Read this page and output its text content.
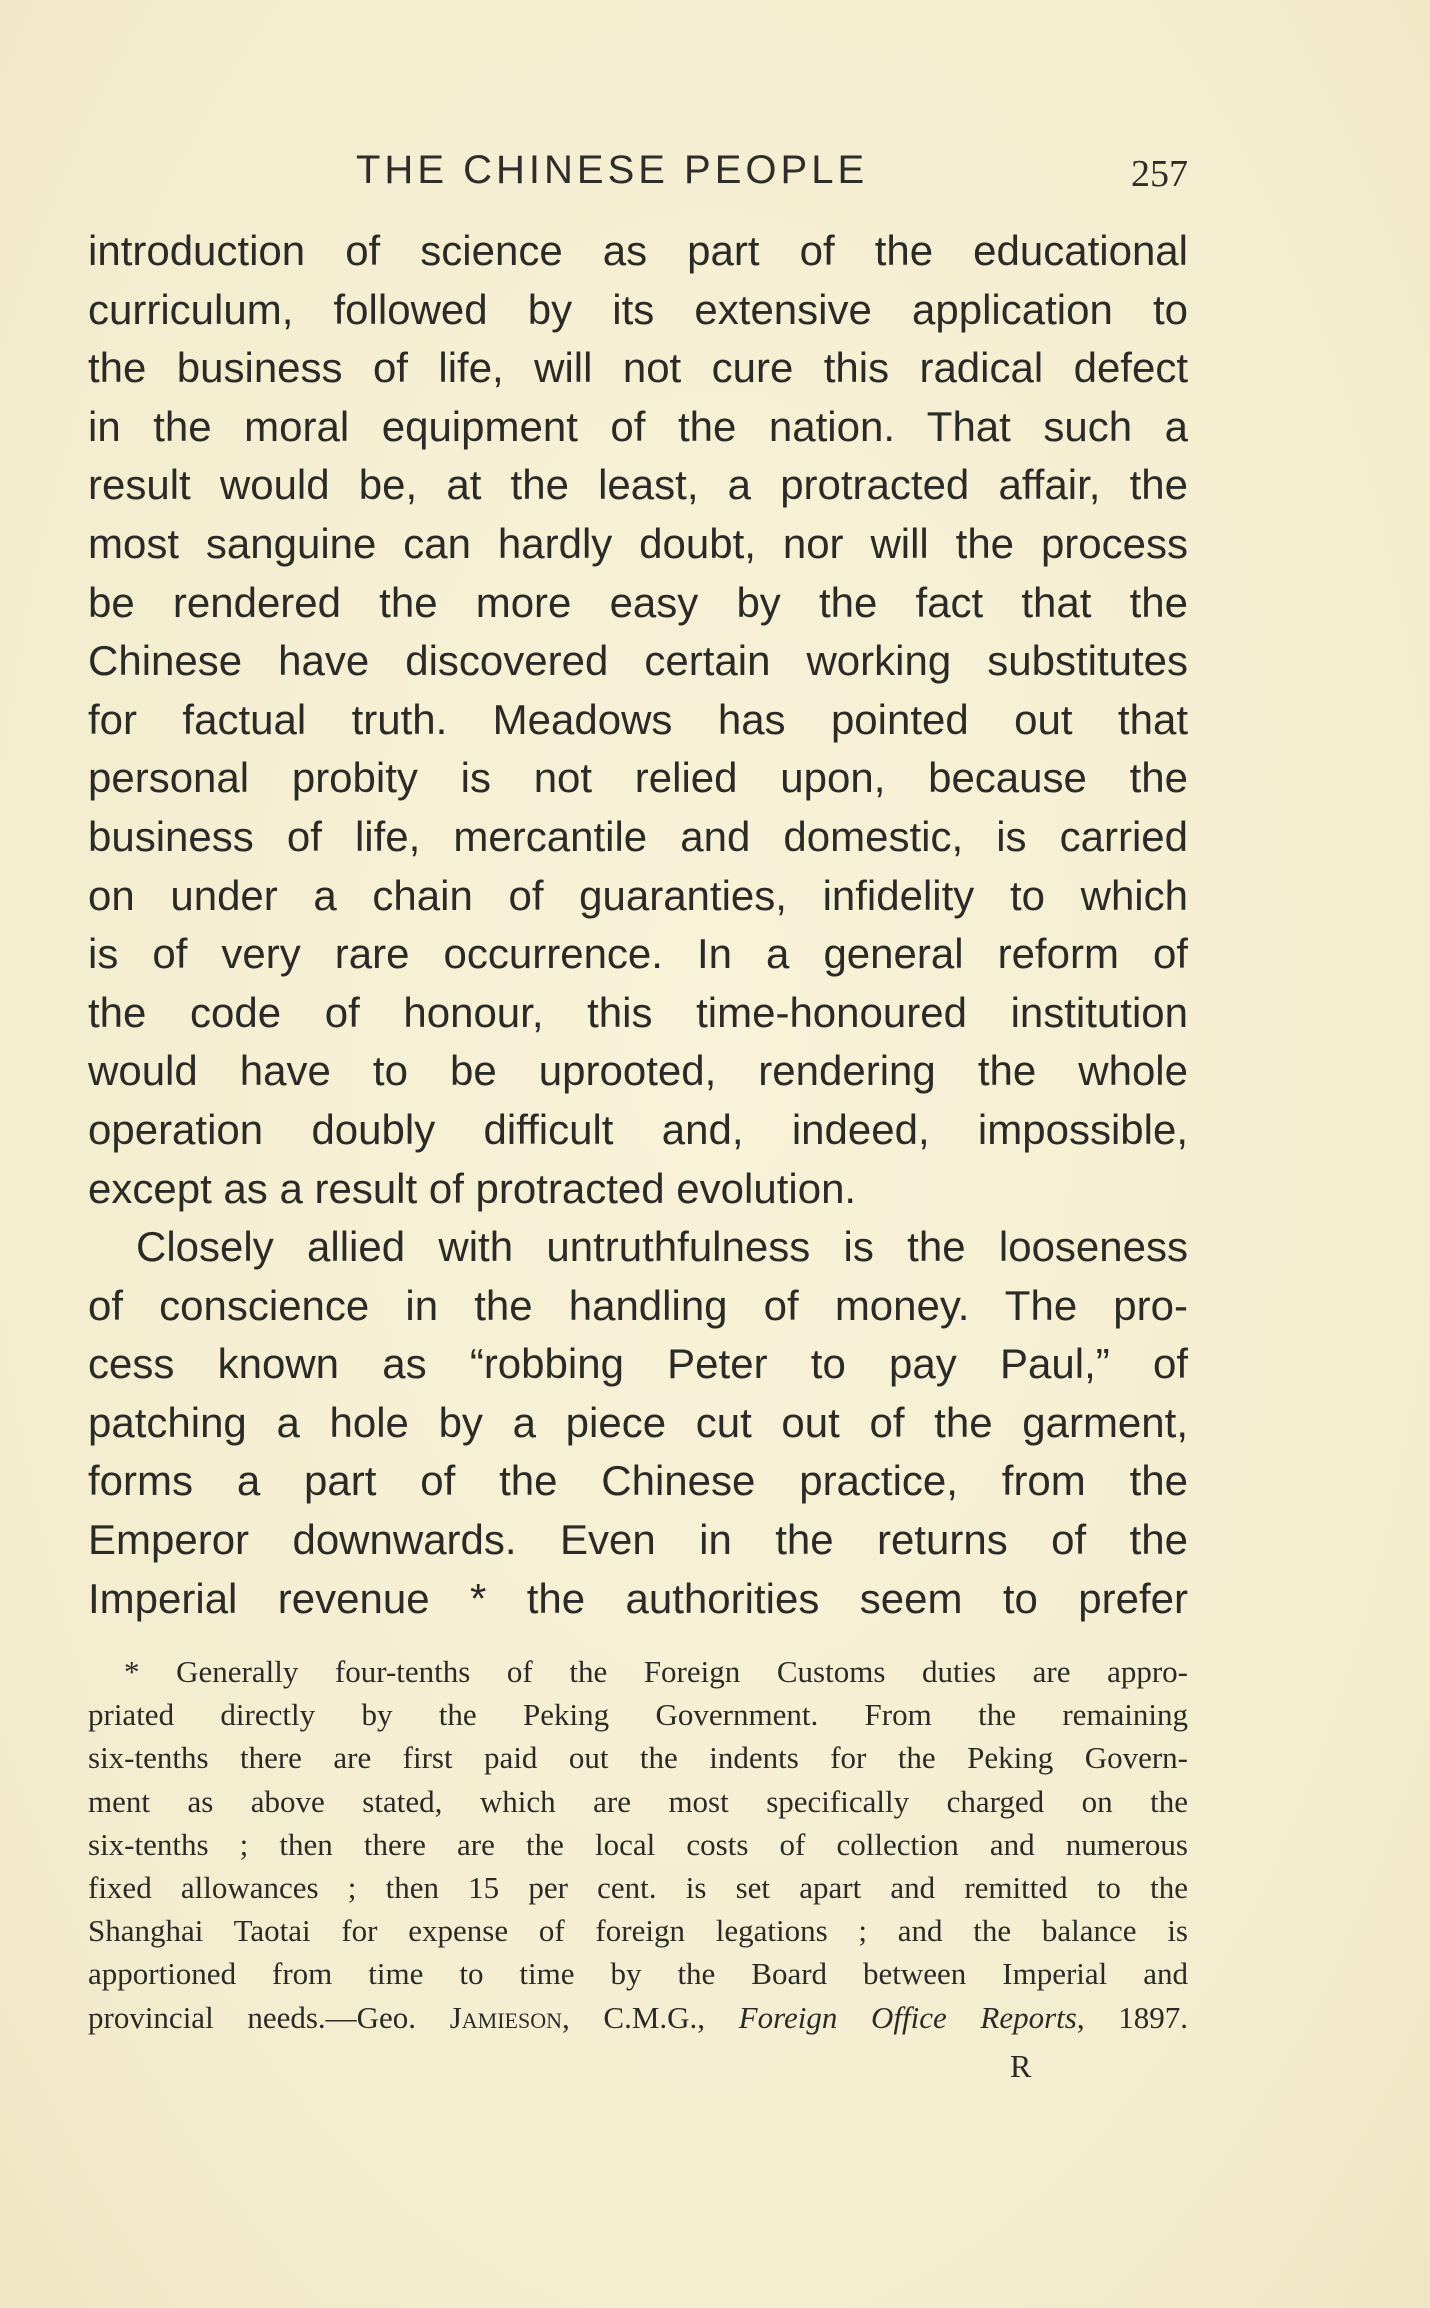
THE CHINESE PEOPLE	257
introduction of science as part of the educational
curriculum, followed by its extensive application to
the business of life, will not cure this radical defect
in the moral equipment of the nation. That such a
result would be, at the least, a protracted affair, the
most sanguine can hardly doubt, nor will the process
be rendered the more easy by the fact that the
Chinese have discovered certain working substitutes
for factual truth. Meadows has pointed out that
personal probity is not relied upon, because the
business of life, mercantile and domestic, is carried
on under a chain of guaranties, infidelity to which
is of very rare occurrence. In a general reform of
the code of honour, this time-honoured institution
would have to be uprooted, rendering the whole
operation doubly difficult and, indeed, impossible,
except as a result of protracted evolution.
Closely allied with untruthfulness is the looseness
of conscience in the handling of money. The pro-
cess known as “robbing Peter to pay Paul,” of
patching a hole by a piece cut out of the garment,
forms a part of the Chinese practice, from the
Emperor downwards. Even in the returns of the
Imperial revenue * the authorities seem to prefer
* Generally four-tenths of the Foreign Customs duties are appro-
priated directly by the Peking Government. From the remaining
six-tenths there are first paid out the indents for the Peking Govern-
ment as above stated, which are most specifically charged on the
six-tenths ; then there are the local costs of collection and numerous
fixed allowances ; then 15 per cent. is set apart and remitted to the
Shanghai Taotai for expense of foreign legations ; and the balance is
apportioned from time to time by the Board between Imperial and
provincial needs.—Geo. Jamieson, C.M.G., Foreign Office Reports, 1897.
R
